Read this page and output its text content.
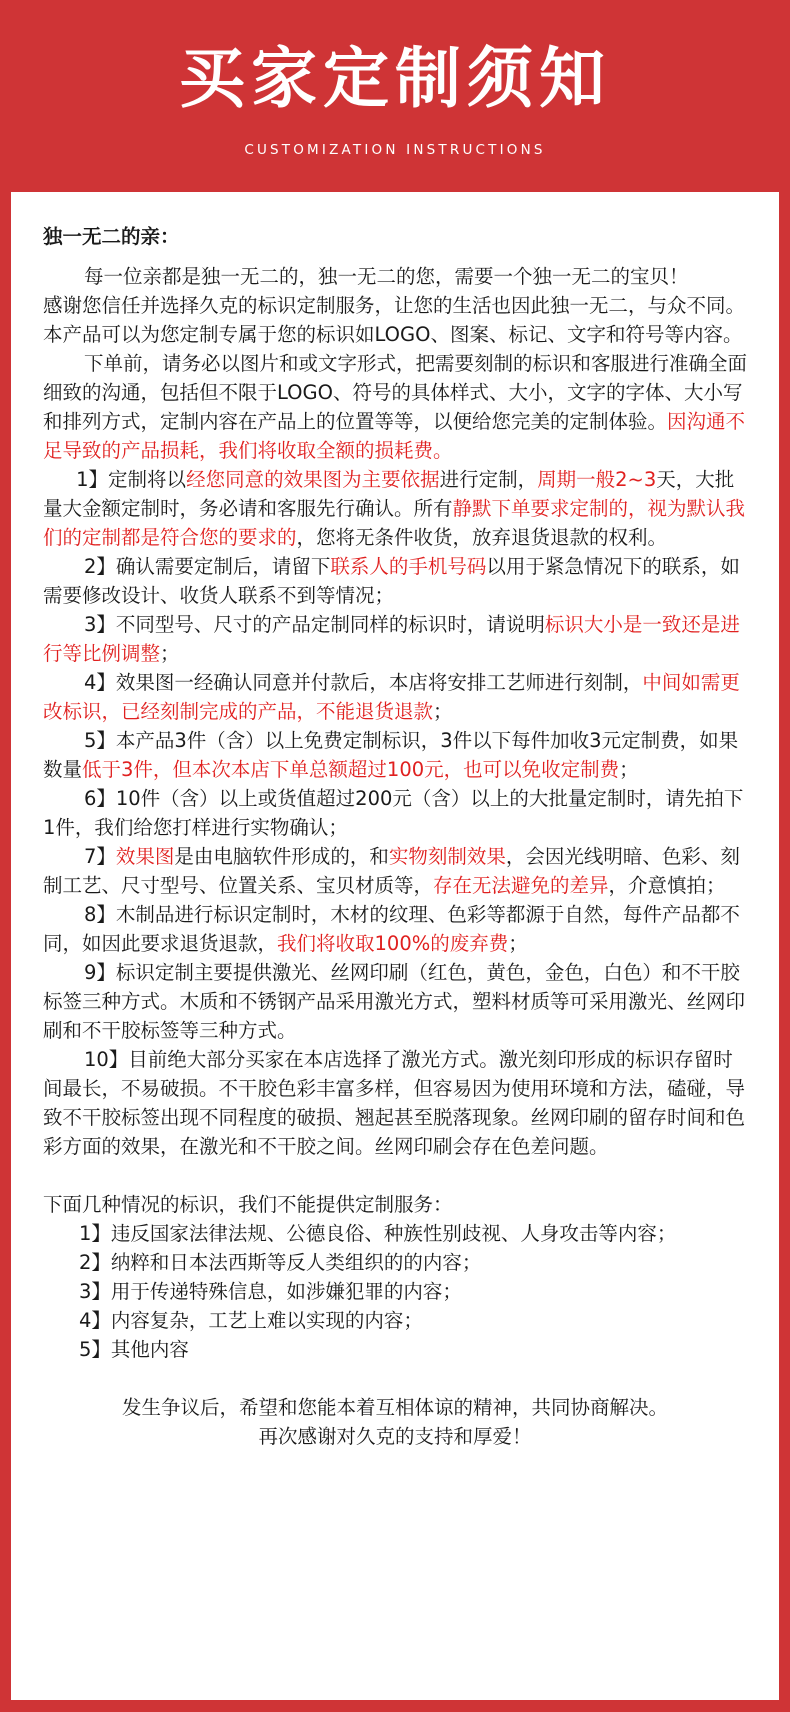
买家定制须知
CUSTOMIZATION INSTRUCTIONS

独一无二的亲：

每一位亲都是独一无二的，独一无二的您，需要一个独一无二的宝贝！

感谢您信任并选择久克的标识定制服务，让您的生活也因此独一无二，与众不同。本产品可以为您定制专属于您的标识如LOGO、图案、标记、文字和符号等内容。

下单前，请务必以图片和或文字形式，把需要刻制的标识和客服进行准确全面细致的沟通，包括但不限于LOGO、符号的具体样式、大小，文字的字体、大小写和排列方式，定制内容在产品上的位置等等，以便给您完美的定制体验。因沟通不足导致的产品损耗，我们将收取全额的损耗费。

1】定制将以经您同意的效果图为主要依据进行定制，周期一般2~3天，大批量大金额定制时，务必请和客服先行确认。所有静默下单要求定制的，视为默认我们的定制都是符合您的要求的，您将无条件收货，放弃退货退款的权利。

2】确认需要定制后，请留下联系人的手机号码以用于紧急情况下的联系，如需要修改设计、收货人联系不到等情况；

3】不同型号、尺寸的产品定制同样的标识时，请说明标识大小是一致还是进行等比例调整；

4】效果图一经确认同意并付款后，本店将安排工艺师进行刻制，中间如需更改标识，已经刻制完成的产品，不能退货退款；

5】本产品3件（含）以上免费定制标识，3件以下每件加收3元定制费，如果数量低于3件，但本次本店下单总额超过100元，也可以免收定制费；

6】10件（含）以上或货值超过200元（含）以上的大批量定制时，请先拍下1件，我们给您打样进行实物确认；

7】效果图是由电脑软件形成的，和实物刻制效果，会因光线明暗、色彩、刻制工艺、尺寸型号、位置关系、宝贝材质等，存在无法避免的差异，介意慎拍；

8】木制品进行标识定制时，木材的纹理、色彩等都源于自然，每件产品都不同，如因此要求退货退款，我们将收取100%的废弃费；

9】标识定制主要提供激光、丝网印刷（红色，黄色，金色，白色）和不干胶标签三种方式。木质和不锈钢产品采用激光方式，塑料材质等可采用激光、丝网印刷和不干胶标签等三种方式。

10】目前绝大部分买家在本店选择了激光方式。激光刻印形成的标识存留时间最长，不易破损。不干胶色彩丰富多样，但容易因为使用环境和方法，磕碰，导致不干胶标签出现不同程度的破损、翘起甚至脱落现象。丝网印刷的留存时间和色彩方面的效果，在激光和不干胶之间。丝网印刷会存在色差问题。

下面几种情况的标识，我们不能提供定制服务：

1】违反国家法律法规、公德良俗、种族性别歧视、人身攻击等内容；

2】纳粹和日本法西斯等反人类组织的的内容；

3】用于传递特殊信息，如涉嫌犯罪的内容；

4】内容复杂，工艺上难以实现的内容；

5】其他内容

发生争议后，希望和您能本着互相体谅的精神，共同协商解决。

再次感谢对久克的支持和厚爱！
